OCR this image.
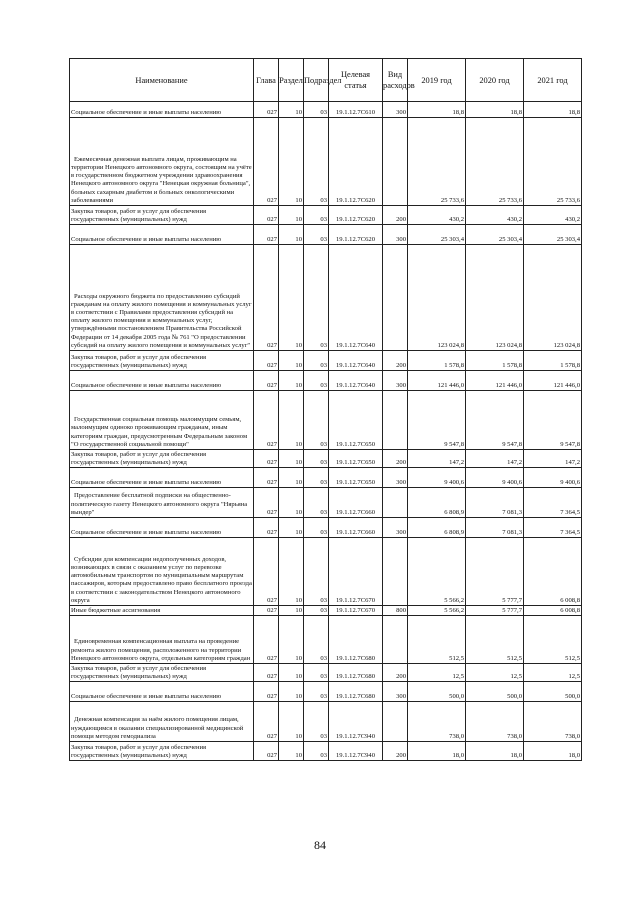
Наименование	Глава	Раздел	Подраздел	Целевая статья	Вид расходов	2019 год	2020 год	2021 год
Социальное обеспечение и иные выплаты населению	027	10	03	19.1.12.7С610	300	18,8	18,8	18,8
Ежемесячная денежная выплата лицам, проживающим на территории Ненецкого автономного округа, состоящим на учёте в государственном бюджетном учреждении здравоохранения Ненецкого автономного округа "Ненецкая окружная больница", больных сахарным диабетом и больных онкологическими заболеваниями	027	10	03	19.1.12.7С620		25 733,6	25 733,6	25 733,6
Закупка товаров, работ и услуг для обеспечения государственных (муниципальных) нужд	027	10	03	19.1.12.7С620	200	430,2	430,2	430,2
Социальное обеспечение и иные выплаты населению	027	10	03	19.1.12.7С620	300	25 303,4	25 303,4	25 303,4
Расходы окружного бюджета по предоставлению субсидий гражданам на оплату жилого помещения и коммунальных услуг в соответствии с Правилами предоставления субсидий на оплату жилого помещения и коммунальных услуг, утверждёнными постановлением Правительства Российской Федерации от 14 декабря 2005 года № 761 "О предоставлении субсидий на оплату жилого помещения и коммунальных услуг"	027	10	03	19.1.12.7С640		123 024,8	123 024,8	123 024,8
Закупка товаров, работ и услуг для обеспечения государственных (муниципальных) нужд	027	10	03	19.1.12.7С640	200	1 578,8	1 578,8	1 578,8
Социальное обеспечение и иные выплаты населению	027	10	03	19.1.12.7С640	300	121 446,0	121 446,0	121 446,0
Государственная социальная помощь малоимущим семьям, малоимущим одиноко проживающим гражданам, иным категориям граждан, предусмотренным Федеральным законом "О государственной социальной помощи"	027	10	03	19.1.12.7С650		9 547,8	9 547,8	9 547,8
Закупка товаров, работ и услуг для обеспечения государственных (муниципальных) нужд	027	10	03	19.1.12.7С650	200	147,2	147,2	147,2
Социальное обеспечение и иные выплаты населению	027	10	03	19.1.12.7С650	300	9 400,6	9 400,6	9 400,6
Предоставление бесплатной подписки на общественно-политическую газету Ненецкого автономного округа "Нярьяна вындер"	027	10	03	19.1.12.7С660		6 808,9	7 081,3	7 364,5
Социальное обеспечение и иные выплаты населению	027	10	03	19.1.12.7С660	300	6 808,9	7 081,3	7 364,5
Субсидии для компенсации недополученных доходов, возникающих в связи с оказанием услуг по перевозке автомобильным транспортом по муниципальным маршрутам пассажиров, которым предоставлено право бесплатного проезда в соответствии с законодательством Ненецкого автономного округа	027	10	03	19.1.12.7С670		5 566,2	5 777,7	6 008,8
Иные бюджетные ассигнования	027	10	03	19.1.12.7С670	800	5 566,2	5 777,7	6 008,8
Единовременная компенсационная выплата на проведение ремонта жилого помещения, расположенного на территории Ненецкого автономного округа, отдельным категориям граждан	027	10	03	19.1.12.7С680		512,5	512,5	512,5
Закупка товаров, работ и услуг для обеспечения государственных (муниципальных) нужд	027	10	03	19.1.12.7С680	200	12,5	12,5	12,5
Социальное обеспечение и иные выплаты населению	027	10	03	19.1.12.7С680	300	500,0	500,0	500,0
Денежная компенсация за наём жилого помещения лицам, нуждающимся в оказании специализированной медицинской помощи методом гемодиализа	027	10	03	19.1.12.7С940		738,0	738,0	738,0
Закупка товаров, работ и услуг для обеспечения государственных (муниципальных) нужд	027	10	03	19.1.12.7С940	200	18,0	18,0	18,0
84
